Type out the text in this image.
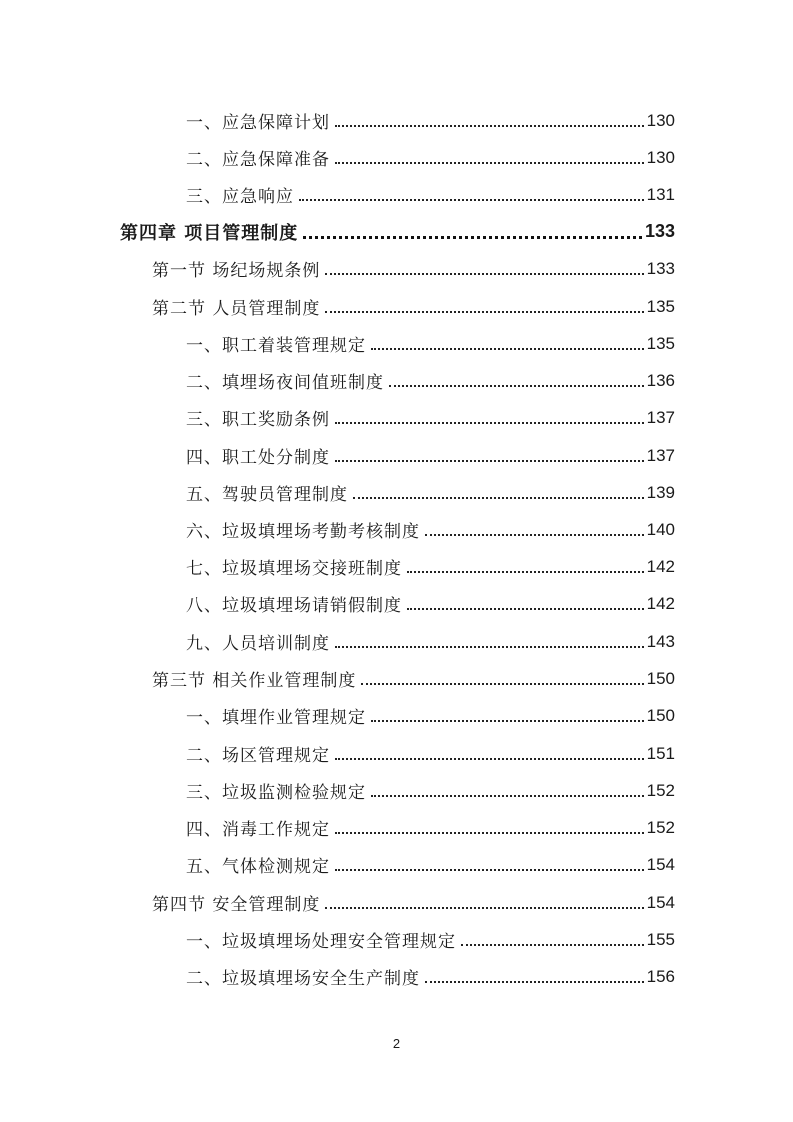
一、应急保障计划	130
二、应急保障准备	130
三、应急响应	131
第四章 项目管理制度	133
第一节 场纪场规条例	133
第二节 人员管理制度	135
一、职工着装管理规定	135
二、填埋场夜间值班制度	136
三、职工奖励条例	137
四、职工处分制度	137
五、驾驶员管理制度	139
六、垃圾填埋场考勤考核制度	140
七、垃圾填埋场交接班制度	142
八、垃圾填埋场请销假制度	142
九、人员培训制度	143
第三节 相关作业管理制度	150
一、填埋作业管理规定	150
二、场区管理规定	151
三、垃圾监测检验规定	152
四、消毒工作规定	152
五、气体检测规定	154
第四节 安全管理制度	154
一、垃圾填埋场处理安全管理规定	155
二、垃圾填埋场安全生产制度	156
2
